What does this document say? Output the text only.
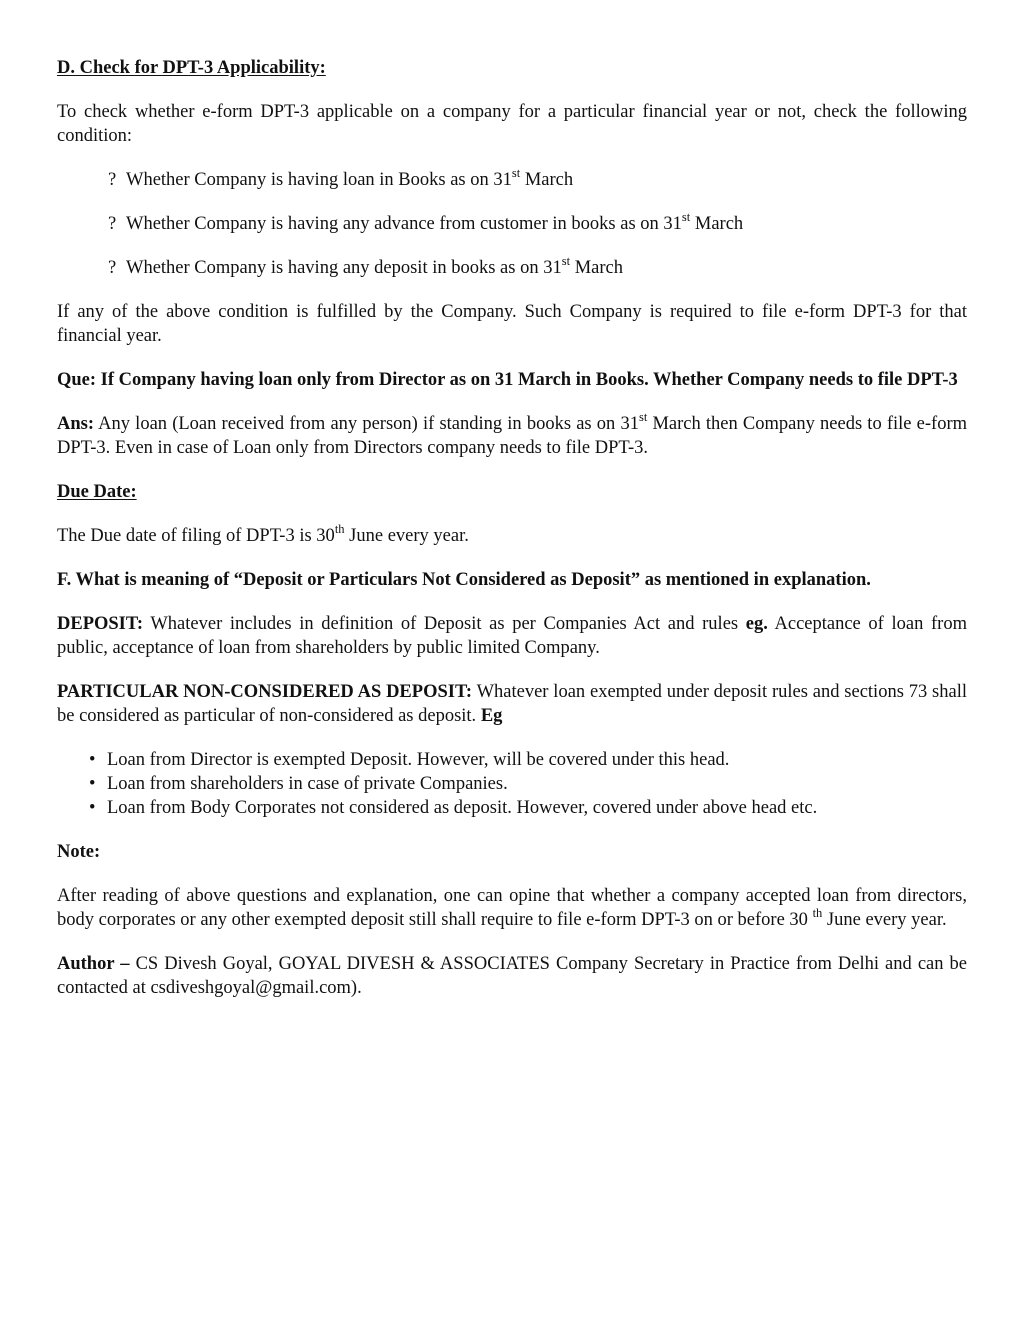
D. Check for DPT-3 Applicability:

To check whether e-form DPT-3 applicable on a company for a particular financial year or not, check the following condition:

? Whether Company is having loan in Books as on 31st March

? Whether Company is having any advance from customer in books as on 31st March

? Whether Company is having any deposit in books as on 31st March

If any of the above condition is fulfilled by the Company. Such Company is required to file e-form DPT-3 for that financial year.

Que: If Company having loan only from Director as on 31 March in Books. Whether Company needs to file DPT-3

Ans: Any loan (Loan received from any person) if standing in books as on 31st March then Company needs to file e-form DPT-3. Even in case of Loan only from Directors company needs to file DPT-3.

Due Date:

The Due date of filing of DPT-3 is 30th June every year.

F. What is meaning of “Deposit or Particulars Not Considered as Deposit” as mentioned in explanation.

DEPOSIT: Whatever includes in definition of Deposit as per Companies Act and rules eg. Acceptance of loan from public, acceptance of loan from shareholders by public limited Company.

PARTICULAR NON-CONSIDERED AS DEPOSIT: Whatever loan exempted under deposit rules and sections 73 shall be considered as particular of non-considered as deposit. Eg

• Loan from Director is exempted Deposit. However, will be covered under this head.
• Loan from shareholders in case of private Companies.
• Loan from Body Corporates not considered as deposit. However, covered under above head etc.

Note:

After reading of above questions and explanation, one can opine that whether a company accepted loan from directors, body corporates or any other exempted deposit still shall require to file e-form DPT-3 on or before 30 $^{th}$ June every year.

Author – CS Divesh Goyal, GOYAL DIVESH & ASSOCIATES Company Secretary in Practice from Delhi and can be contacted at csdiveshgoyal@gmail.com).
